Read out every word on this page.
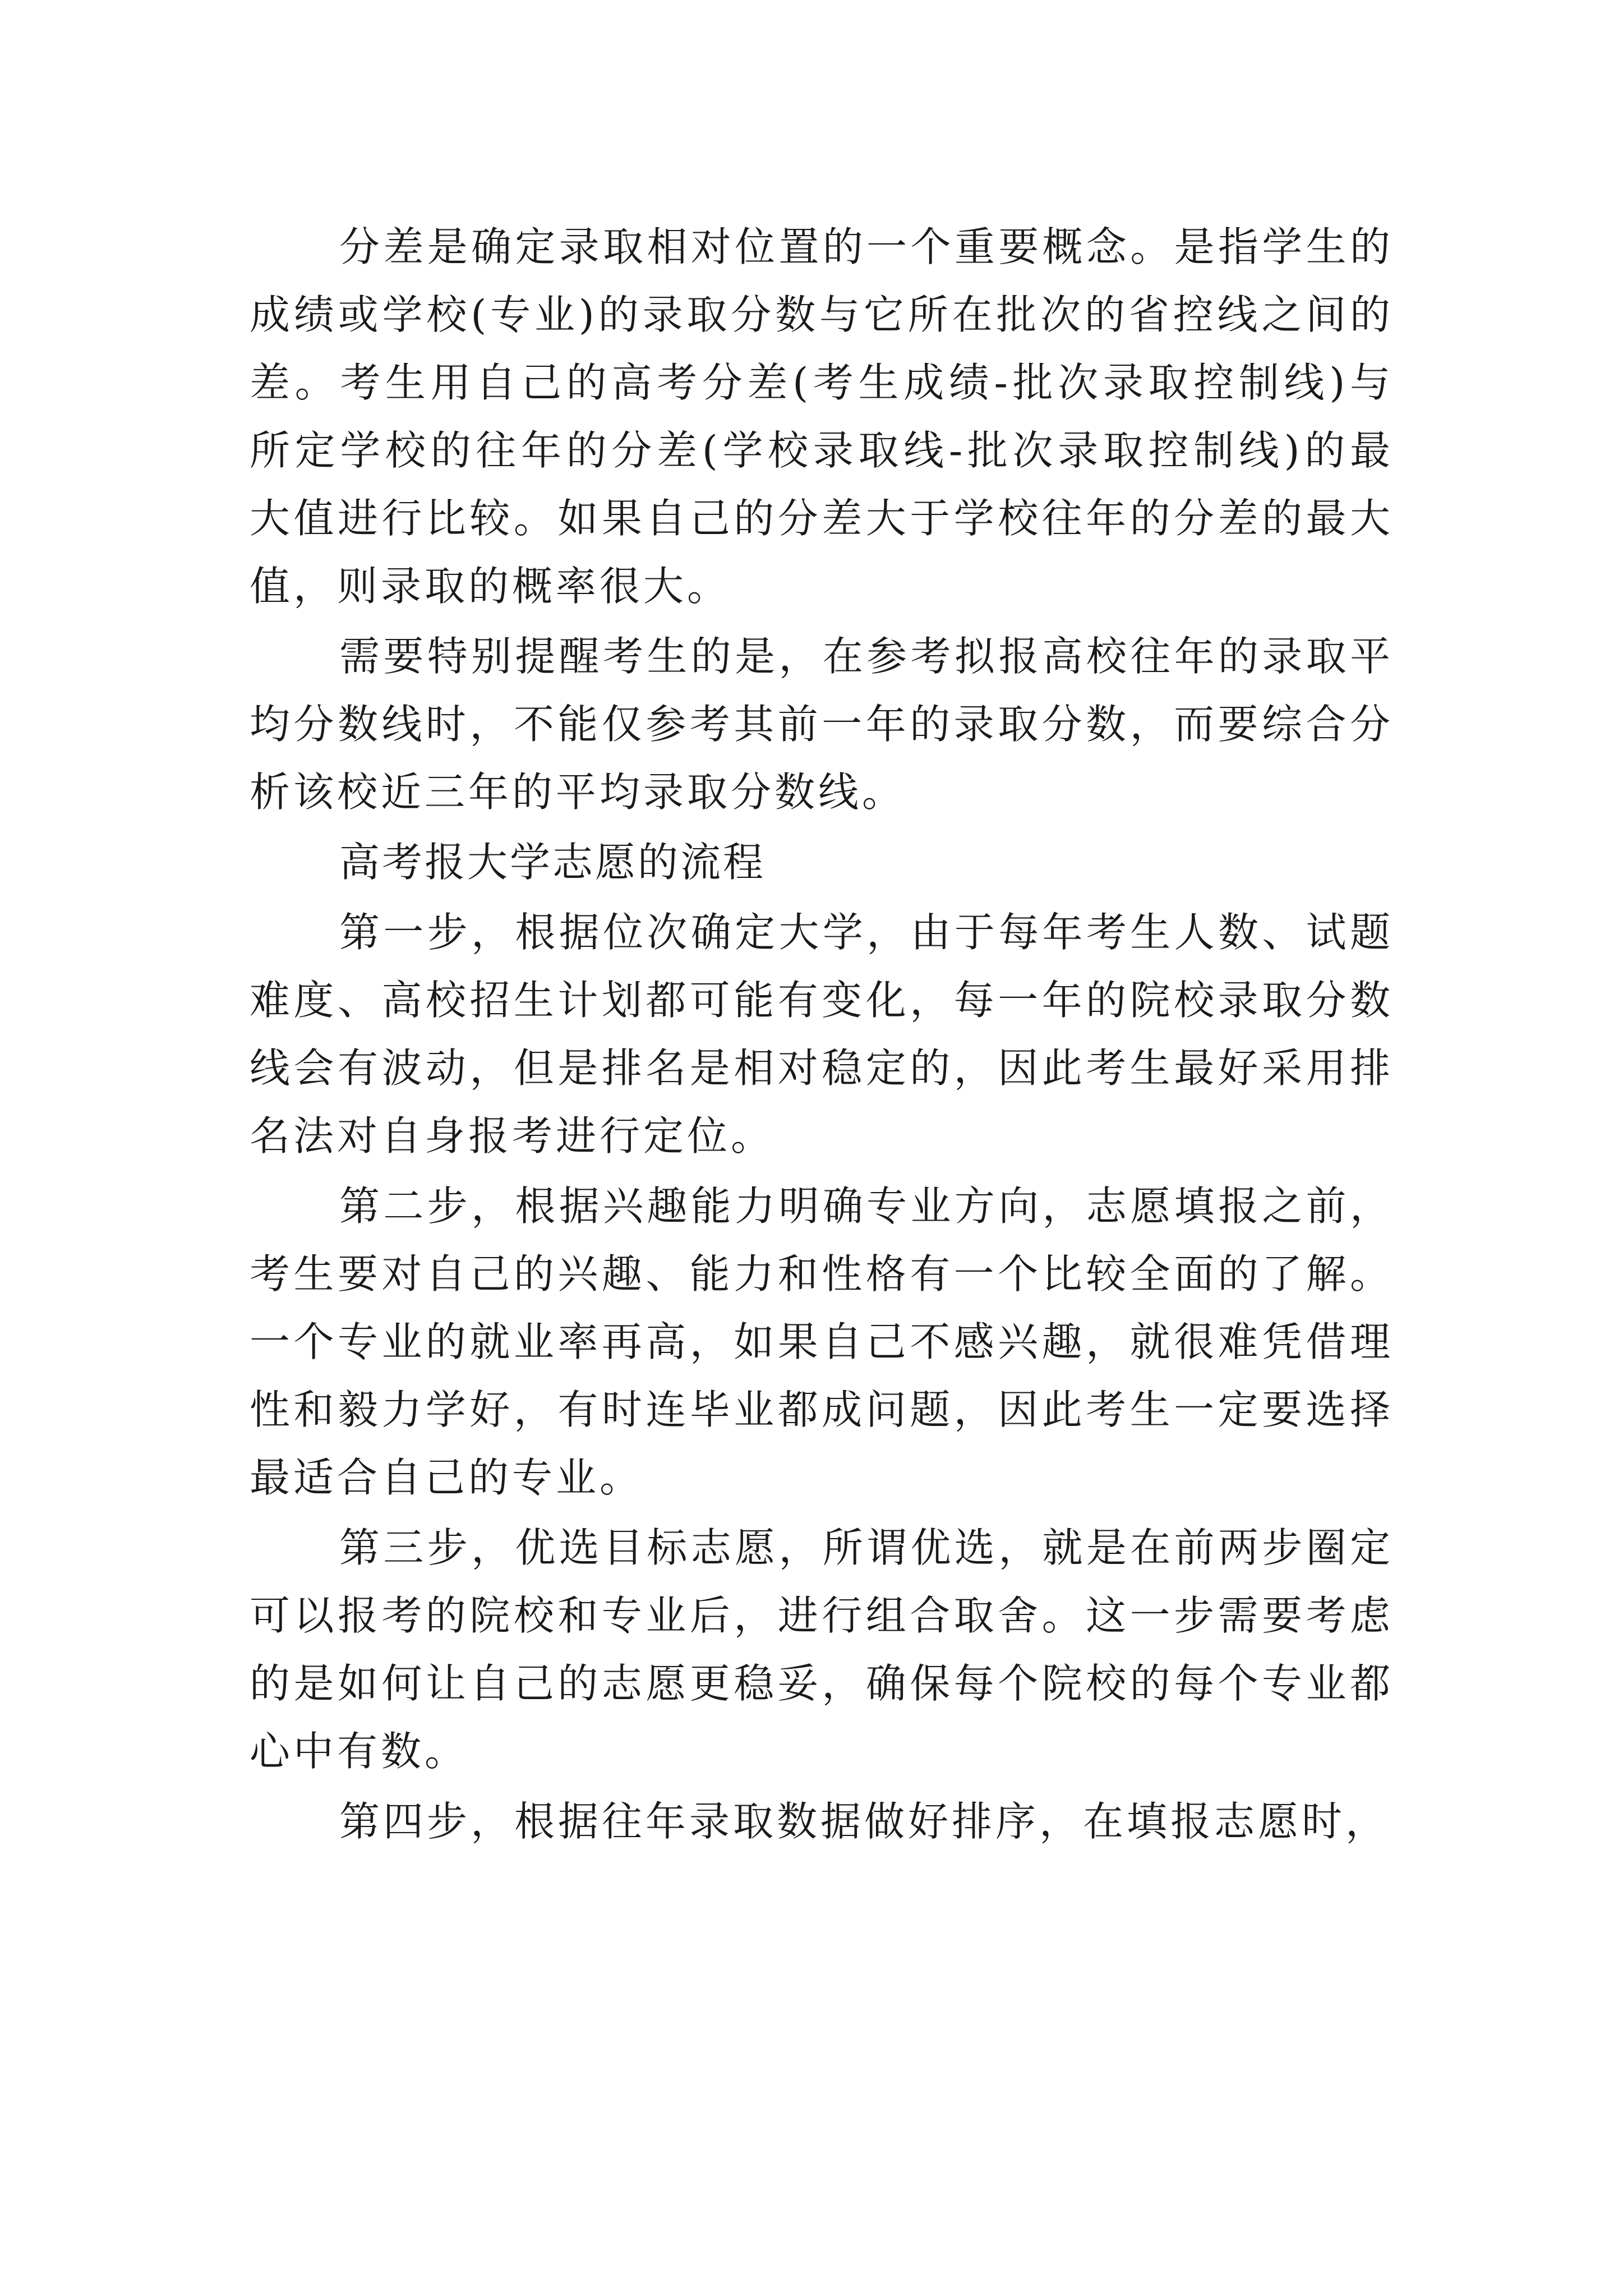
分差是确定录取相对位置的一个重要概念。是指学生的成绩或学校(专业)的录取分数与它所在批次的省控线之间的差。考生用自己的高考分差(考生成绩-批次录取控制线)与所定学校的往年的分差(学校录取线-批次录取控制线)的最大值进行比较。如果自己的分差大于学校往年的分差的最大值，则录取的概率很大。

需要特别提醒考生的是，在参考拟报高校往年的录取平均分数线时，不能仅参考其前一年的录取分数，而要综合分析该校近三年的平均录取分数线。

高考报大学志愿的流程

第一步，根据位次确定大学，由于每年考生人数、试题难度、高校招生计划都可能有变化，每一年的院校录取分数线会有波动，但是排名是相对稳定的，因此考生最好采用排名法对自身报考进行定位。

第二步，根据兴趣能力明确专业方向，志愿填报之前，考生要对自己的兴趣、能力和性格有一个比较全面的了解。一个专业的就业率再高，如果自己不感兴趣，就很难凭借理性和毅力学好，有时连毕业都成问题，因此考生一定要选择最适合自己的专业。

第三步，优选目标志愿，所谓优选，就是在前两步圈定可以报考的院校和专业后，进行组合取舍。这一步需要考虑的是如何让自己的志愿更稳妥，确保每个院校的每个专业都心中有数。

第四步，根据往年录取数据做好排序，在填报志愿时，
